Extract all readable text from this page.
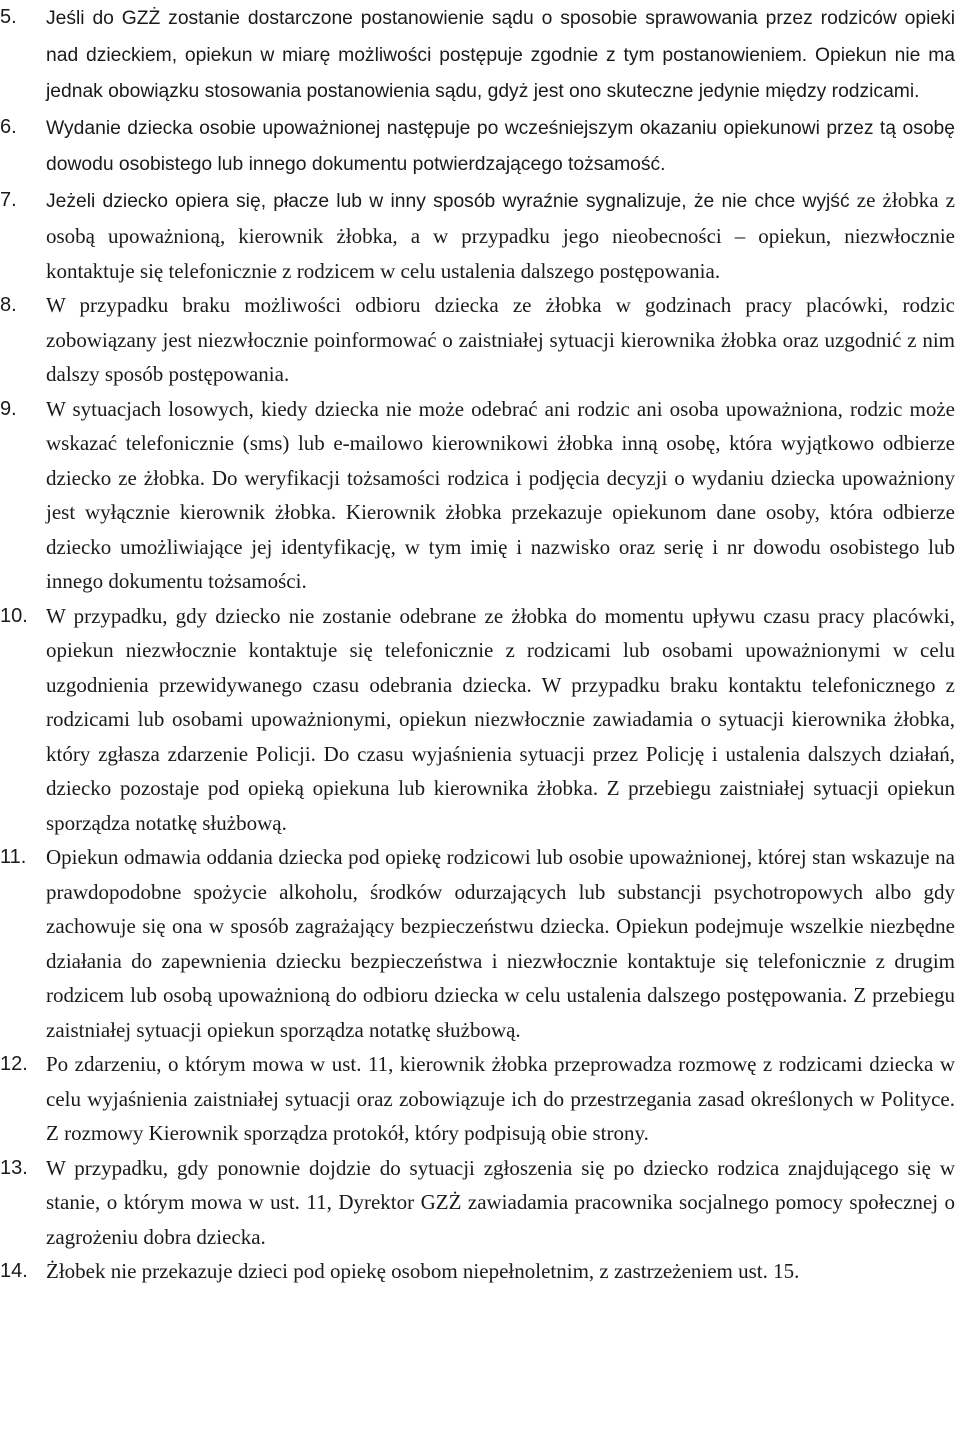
5. Jeśli do GZŻ zostanie dostarczone postanowienie sądu o sposobie sprawowania przez rodziców opieki nad dzieckiem, opiekun w miarę możliwości postępuje zgodnie z tym postanowieniem. Opiekun nie ma jednak obowiązku stosowania postanowienia sądu, gdyż jest ono skuteczne jedynie między rodzicami.
6. Wydanie dziecka osobie upoważnionej następuje po wcześniejszym okazaniu opiekunowi przez tą osobę dowodu osobistego lub innego dokumentu potwierdzającego tożsamość.
7. Jeżeli dziecko opiera się, płacze lub w inny sposób wyraźnie sygnalizuje, że nie chce wyjść ze żłobka z osobą upoważnioną, kierownik żłobka, a w przypadku jego nieobecności – opiekun, niezwłocznie kontaktuje się telefonicznie z rodzicem w celu ustalenia dalszego postępowania.
8. W przypadku braku możliwości odbioru dziecka ze żłobka w godzinach pracy placówki, rodzic zobowiązany jest niezwłocznie poinformować o zaistniałej sytuacji kierownika żłobka oraz uzgodnić z nim dalszy sposób postępowania.
9. W sytuacjach losowych, kiedy dziecka nie może odebrać ani rodzic ani osoba upoważniona, rodzic może wskazać telefonicznie (sms) lub e-mailowo kierownikowi żłobka inną osobę, która wyjątkowo odbierze dziecko ze żłobka. Do weryfikacji tożsamości rodzica i podjęcia decyzji o wydaniu dziecka upoważniony jest wyłącznie kierownik żłobka. Kierownik żłobka przekazuje opiekunom dane osoby, która odbierze dziecko umożliwiające jej identyfikację, w tym imię i nazwisko oraz serię i nr dowodu osobistego lub innego dokumentu tożsamości.
10. W przypadku, gdy dziecko nie zostanie odebrane ze żłobka do momentu upływu czasu pracy placówki, opiekun niezwłocznie kontaktuje się telefonicznie z rodzicami lub osobami upoważnionymi w celu uzgodnienia przewidywanego czasu odebrania dziecka. W przypadku braku kontaktu telefonicznego z rodzicami lub osobami upoważnionymi, opiekun niezwłocznie zawiadamia o sytuacji kierownika żłobka, który zgłasza zdarzenie Policji. Do czasu wyjaśnienia sytuacji przez Policję i ustalenia dalszych działań, dziecko pozostaje pod opieką opiekuna lub kierownika żłobka. Z przebiegu zaistniałej sytuacji opiekun sporządza notatkę służbową.
11. Opiekun odmawia oddania dziecka pod opiekę rodzicowi lub osobie upoważnionej, której stan wskazuje na prawdopodobne spożycie alkoholu, środków odurzających lub substancji psychotropowych albo gdy zachowuje się ona w sposób zagrażający bezpieczeństwu dziecka. Opiekun podejmuje wszelkie niezbędne działania do zapewnienia dziecku bezpieczeństwa i niezwłocznie kontaktuje się telefonicznie z drugim rodzicem lub osobą upoważnioną do odbioru dziecka w celu ustalenia dalszego postępowania. Z przebiegu zaistniałej sytuacji opiekun sporządza notatkę służbową.
12. Po zdarzeniu, o którym mowa w ust. 11, kierownik żłobka przeprowadza rozmowę z rodzicami dziecka w celu wyjaśnienia zaistniałej sytuacji oraz zobowiązuje ich do przestrzegania zasad określonych w Polityce. Z rozmowy Kierownik sporządza protokół, który podpisują obie strony.
13. W przypadku, gdy ponownie dojdzie do sytuacji zgłoszenia się po dziecko rodzica znajdującego się w stanie, o którym mowa w ust. 11, Dyrektor GZŻ zawiadamia pracownika socjalnego pomocy społecznej o zagrożeniu dobra dziecka.
14. Żłobek nie przekazuje dzieci pod opiekę osobom niepełnoletnim, z zastrzeżeniem ust. 15.
